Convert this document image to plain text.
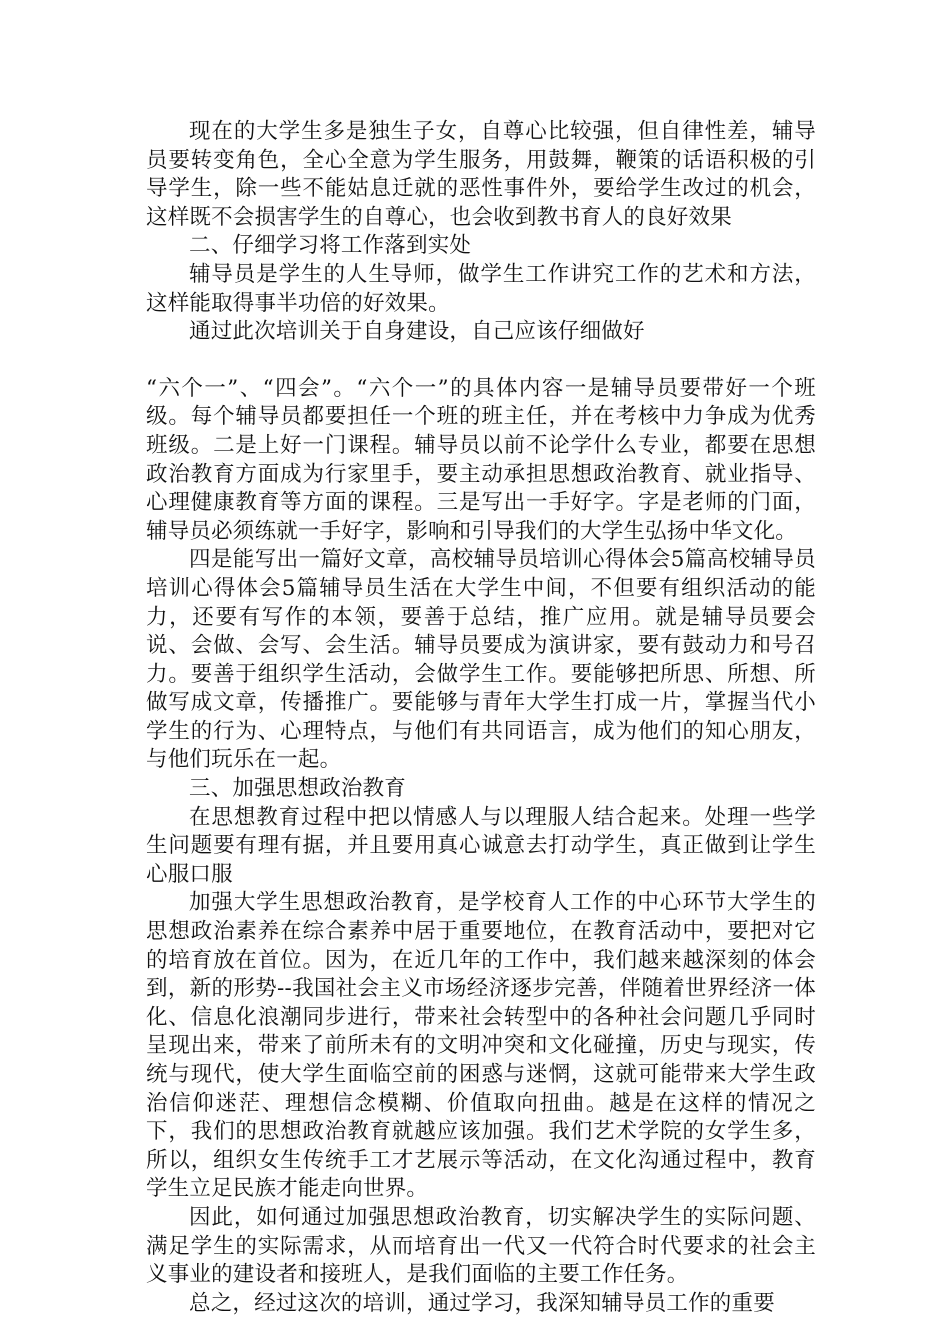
现在的大学生多是独生子女，自尊心比较强，但自律性差，辅导员要转变角色，全心全意为学生服务，用鼓舞，鞭策的话语积极的引导学生，除一些不能姑息迁就的恶性事件外，要给学生改过的机会，这样既不会损害学生的自尊心，也会收到教书育人的良好效果

二、仔细学习将工作落到实处

辅导员是学生的人生导师，做学生工作讲究工作的艺术和方法，这样能取得事半功倍的好效果。

通过此次培训关于自身建设，自己应该仔细做好

“六个一”、“四会”。“六个一”的具体内容一是辅导员要带好一个班级。每个辅导员都要担任一个班的班主任，并在考核中力争成为优秀班级。二是上好一门课程。辅导员以前不论学什么专业，都要在思想政治教育方面成为行家里手，要主动承担思想政治教育、就业指导、心理健康教育等方面的课程。三是写出一手好字。字是老师的门面，辅导员必须练就一手好字，影响和引导我们的大学生弘扬中华文化。

四是能写出一篇好文章，高校辅导员培训心得体会5篇高校辅导员培训心得体会5篇辅导员生活在大学生中间，不但要有组织活动的能力，还要有写作的本领，要善于总结，推广应用。就是辅导员要会说、会做、会写、会生活。辅导员要成为演讲家，要有鼓动力和号召力。要善于组织学生活动，会做学生工作。要能够把所思、所想、所做写成文章，传播推广。要能够与青年大学生打成一片，掌握当代小学生的行为、心理特点，与他们有共同语言，成为他们的知心朋友，与他们玩乐在一起。

三、加强思想政治教育

在思想教育过程中把以情感人与以理服人结合起来。处理一些学生问题要有理有据，并且要用真心诚意去打动学生，真正做到让学生心服口服

加强大学生思想政治教育，是学校育人工作的中心环节大学生的思想政治素养在综合素养中居于重要地位，在教育活动中，要把对它的培育放在首位。因为，在近几年的工作中，我们越来越深刻的体会到，新的形势--我国社会主义市场经济逐步完善，伴随着世界经济一体化、信息化浪潮同步进行，带来社会转型中的各种社会问题几乎同时呈现出来，带来了前所未有的文明冲突和文化碰撞，历史与现实，传统与现代，使大学生面临空前的困惑与迷惘，这就可能带来大学生政治信仰迷茫、理想信念模糊、价值取向扭曲。越是在这样的情况之下，我们的思想政治教育就越应该加强。我们艺术学院的女学生多，所以，组织女生传统手工才艺展示等活动，在文化沟通过程中，教育学生立足民族才能走向世界。

因此，如何通过加强思想政治教育，切实解决学生的实际问题、满足学生的实际需求，从而培育出一代又一代符合时代要求的社会主义事业的建设者和接班人，是我们面临的主要工作任务。

总之，经过这次的培训，通过学习，我深知辅导员工作的重要
